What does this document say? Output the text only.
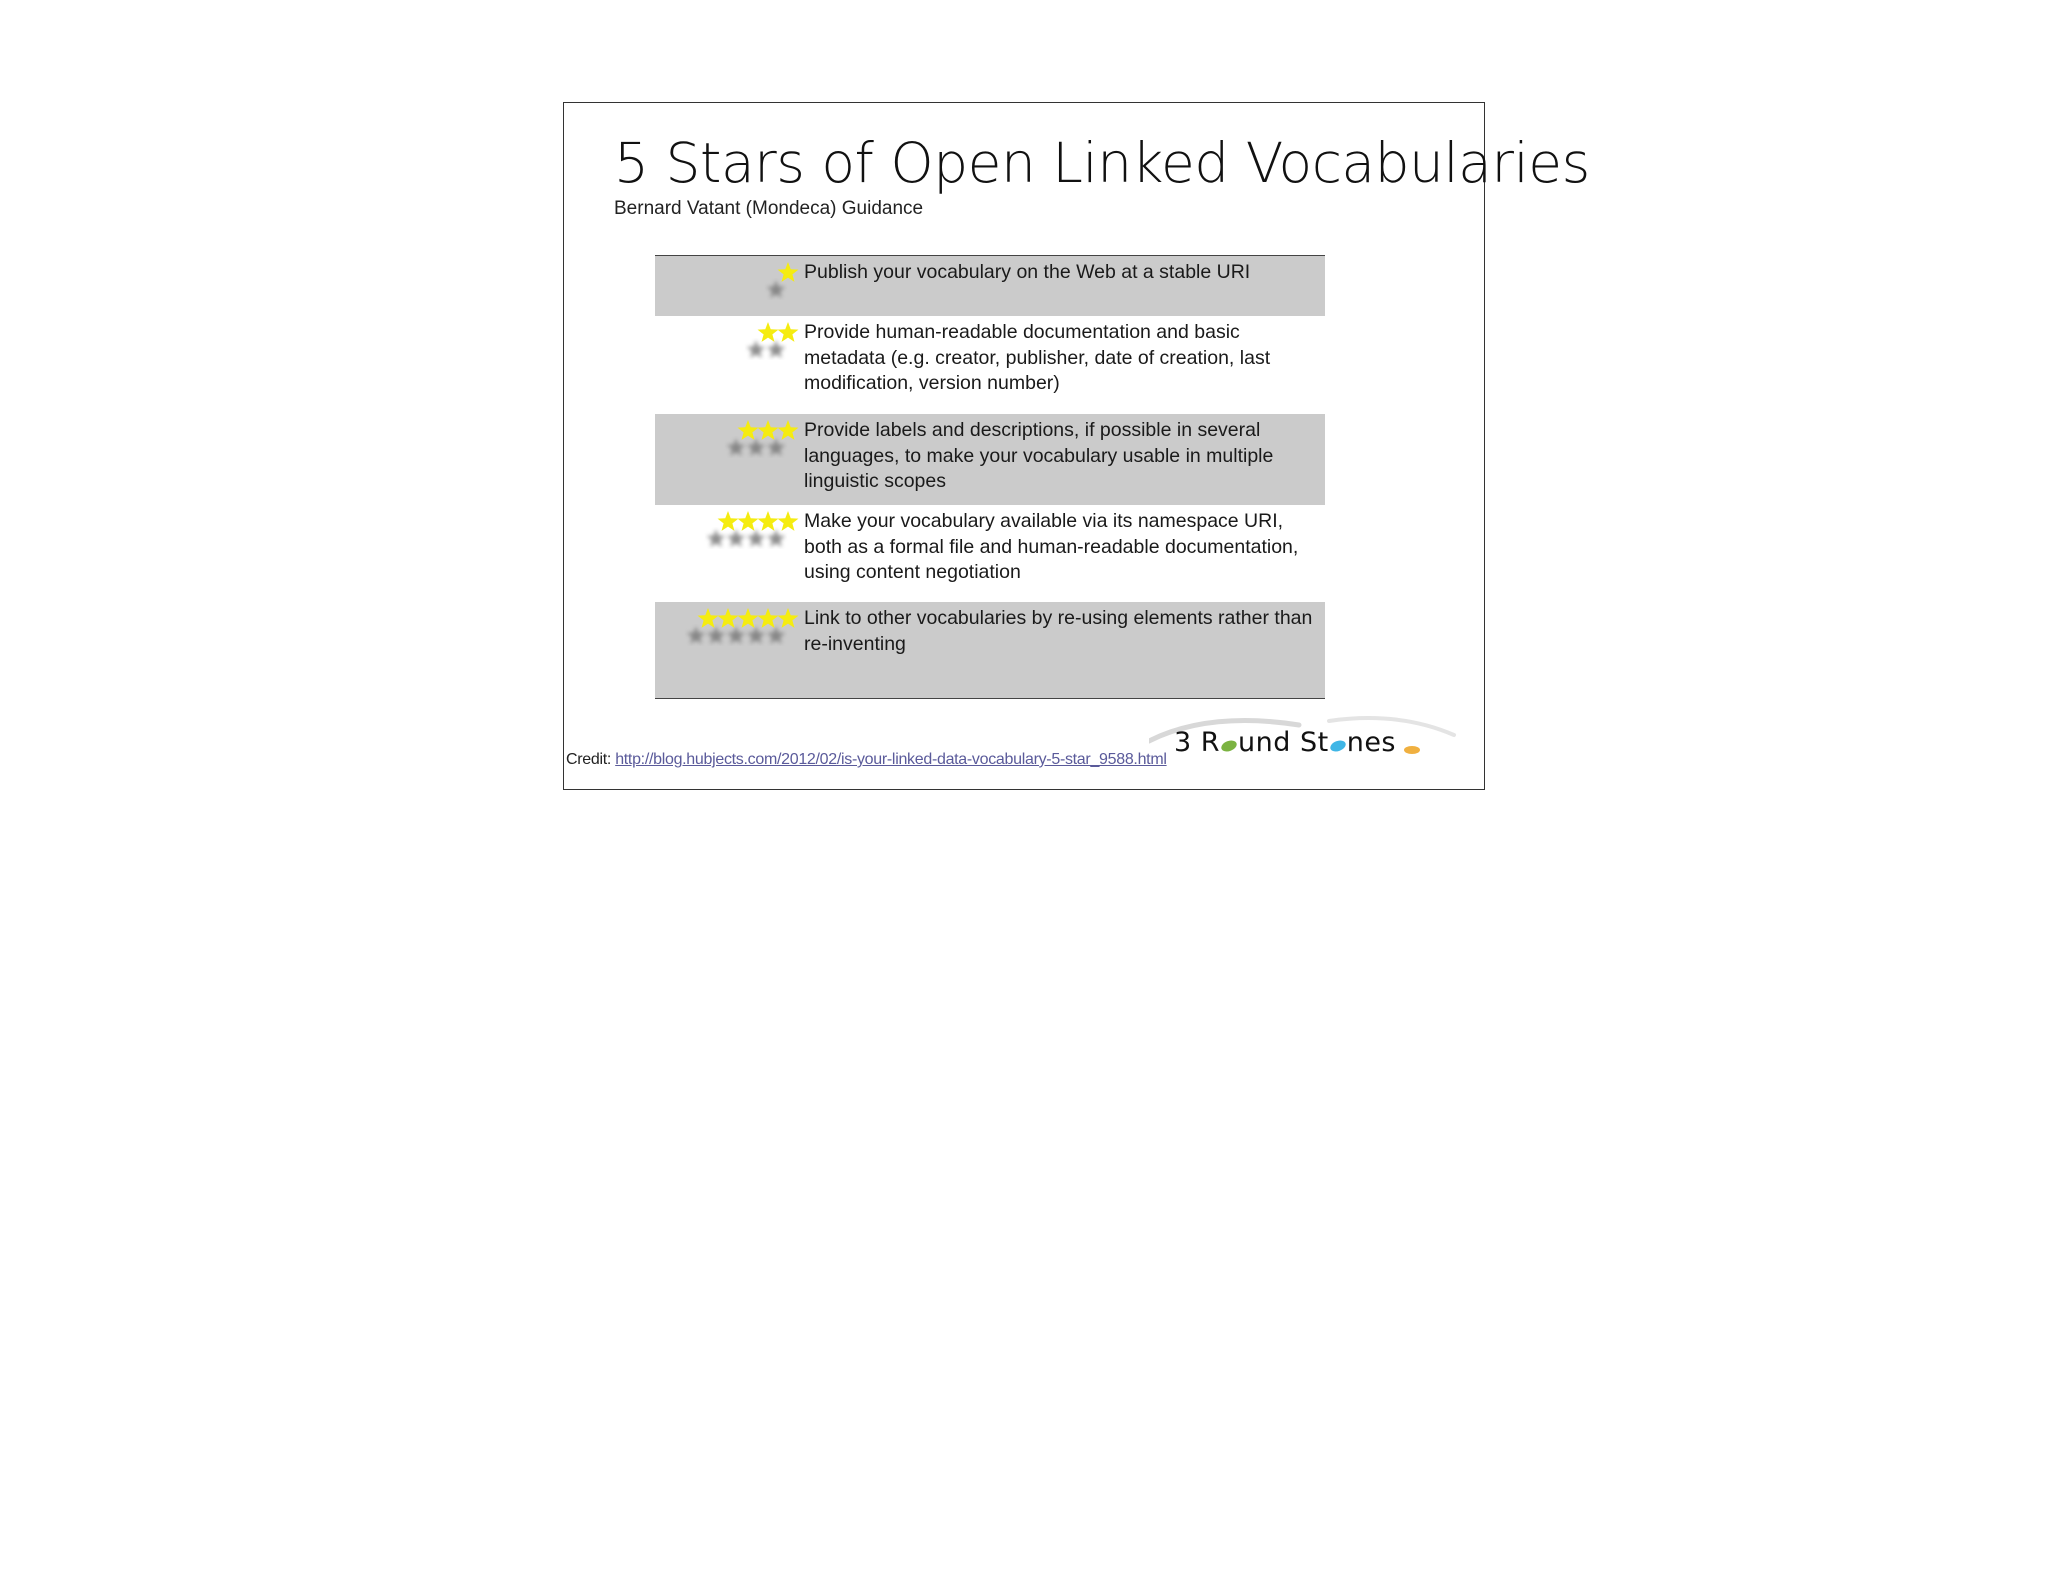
5 Stars of Open Linked Vocabularies
Bernard Vatant (Mondeca) Guidance
Publish your vocabulary on the Web at a stable URI
Provide human-readable documentation and basic metadata (e.g. creator, publisher, date of creation, last modification, version number)
Provide labels and descriptions, if possible in several languages, to make your vocabulary usable in multiple linguistic scopes
Make your vocabulary available via its namespace URI, both as a formal file and human-readable documentation, using content negotiation
Link to other vocabularies by re-using elements rather than re-inventing
3 R und St nes
Credit: http://blog.hubjects.com/2012/02/is-your-linked-data-vocabulary-5-star_9588.html
